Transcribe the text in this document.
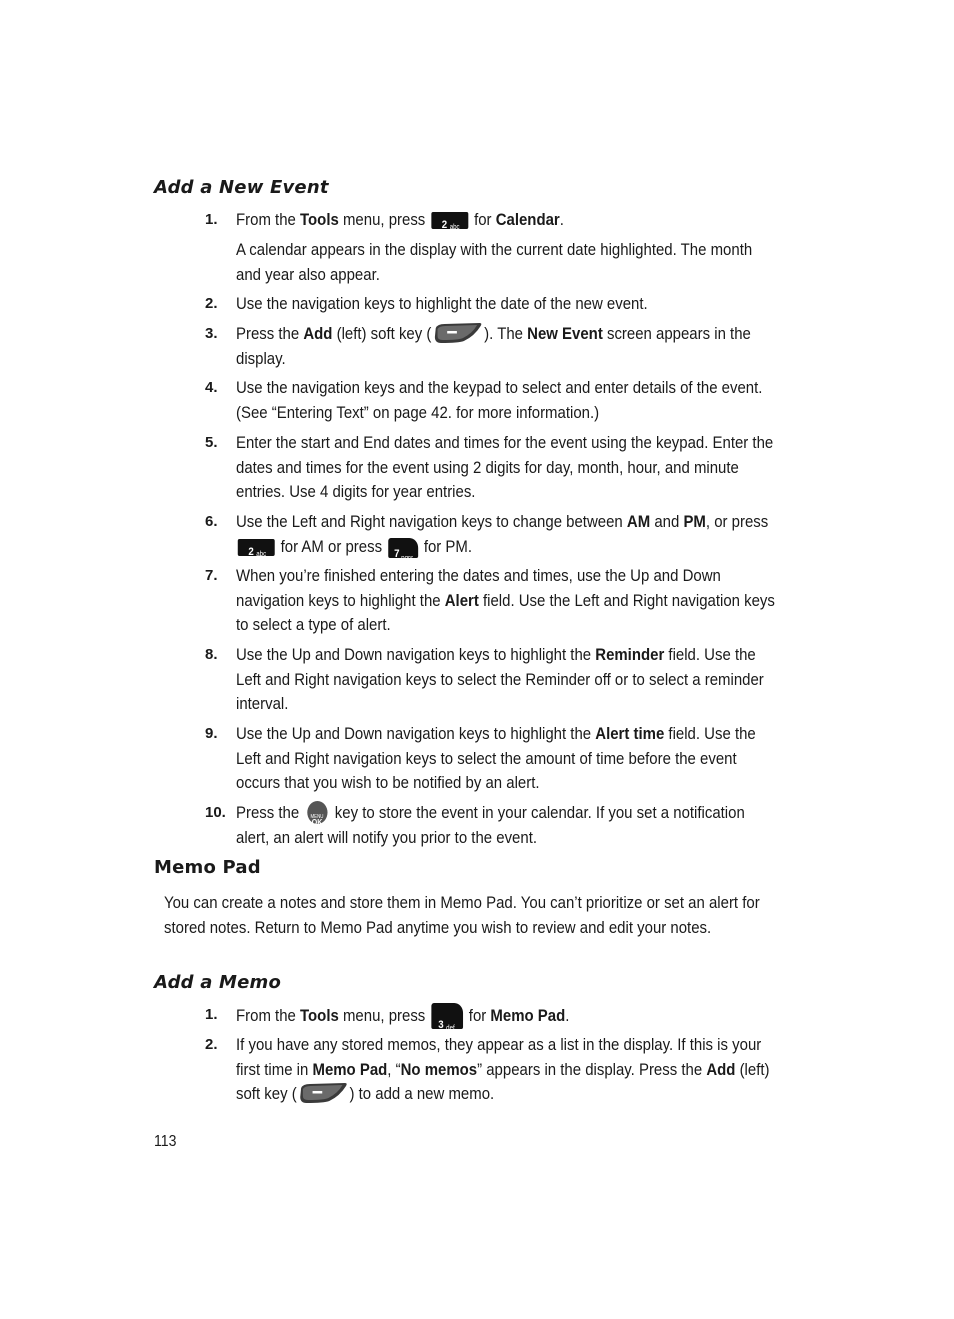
Add a New Event
1. From the Tools menu, press 2 abc for Calendar.
A calendar appears in the display with the current date highlighted. The month and year also appear.
2. Use the navigation keys to highlight the date of the new event.
3. Press the Add (left) soft key (	). The New Event screen appears in the display.
4. Use the navigation keys and the keypad to select and enter details of the event. (See “Entering Text” on page 42. for more information.)
5. Enter the start and End dates and times for the event using the keypad. Enter the dates and times for the event using 2 digits for day, month, hour, and minute entries. Use 4 digits for year entries.
6. Use the Left and Right navigation keys to change between AM and PM, or press
2 abc for AM or press 7 pqrs
for PM.
7. When you’re finished entering the dates and times, use the Up and Down navigation keys to highlight the Alert field. Use the Left and Right navigation keys to select a type of alert.
8. Use the Up and Down navigation keys to highlight the Reminder field. Use the Left and Right navigation keys to select the Reminder off or to select a reminder interval.
9. Use the Up and Down navigation keys to highlight the Alert time field. Use the Left and Right navigation keys to select the amount of time before the event occurs that you wish to be notified by an alert.
10. Press the	MENU
OK
key to store the event in your calendar. If you set a notification alert, an alert will notify you prior to the event.
Memo Pad
You can create a notes and store them in Memo Pad. You can’t prioritize or set an alert for stored notes. Return to Memo Pad anytime you wish to review and edit your notes.
Add a Memo
1. From the Tools menu, press 3 def
for Memo Pad.
2. If you have any stored memos, they appear as a list in the display. If this is your first time in Memo Pad, “No memos” appears in the display. Press the Add (left) soft key (	) to add a new memo.
113
